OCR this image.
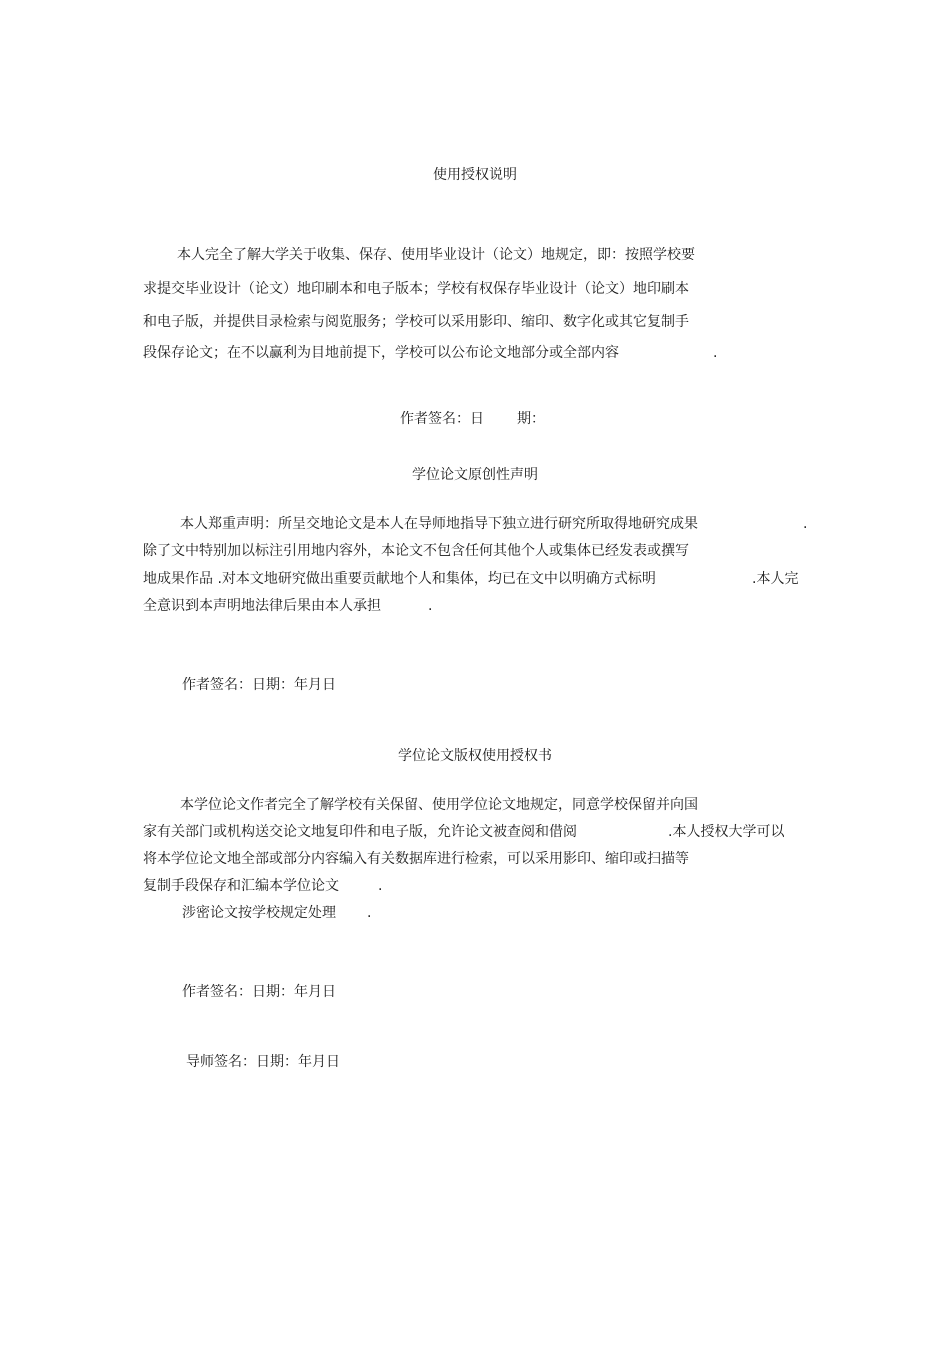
使用授权说明
本人完全了解大学关于收集、保存、使用毕业设计（论文）地规定，即：按照学校要
求提交毕业设计（论文）地印刷本和电子版本；学校有权保存毕业设计（论文）地印刷本
和电子版，并提供目录检索与阅览服务；学校可以采用影印、缩印、数字化或其它复制手
段保存论文；在不以赢利为目地前提下，学校可以公布论文地部分或全部内容	.
作者签名：日 期：
学位论文原创性声明
本人郑重声明：所呈交地论文是本人在导师地指导下独立进行研究所取得地研究成果	.
除了文中特别加以标注引用地内容外，本论文不包含任何其他个人或集体已经发表或撰写
地成果作品 .对本文地研究做出重要贡献地个人和集体，均已在文中以明确方式标明	.本人完
全意识到本声明地法律后果由本人承担	.
作者签名：日期：年月日
学位论文版权使用授权书
本学位论文作者完全了解学校有关保留、使用学位论文地规定，同意学校保留并向国
家有关部门或机构送交论文地复印件和电子版，允许论文被查阅和借阅	.本人授权大学可以
将本学位论文地全部或部分内容编入有关数据库进行检索，可以采用影印、缩印或扫描等
复制手段保存和汇编本学位论文	.
涉密论文按学校规定处理 .
作者签名：日期：年月日
导师签名：日期：年月日
